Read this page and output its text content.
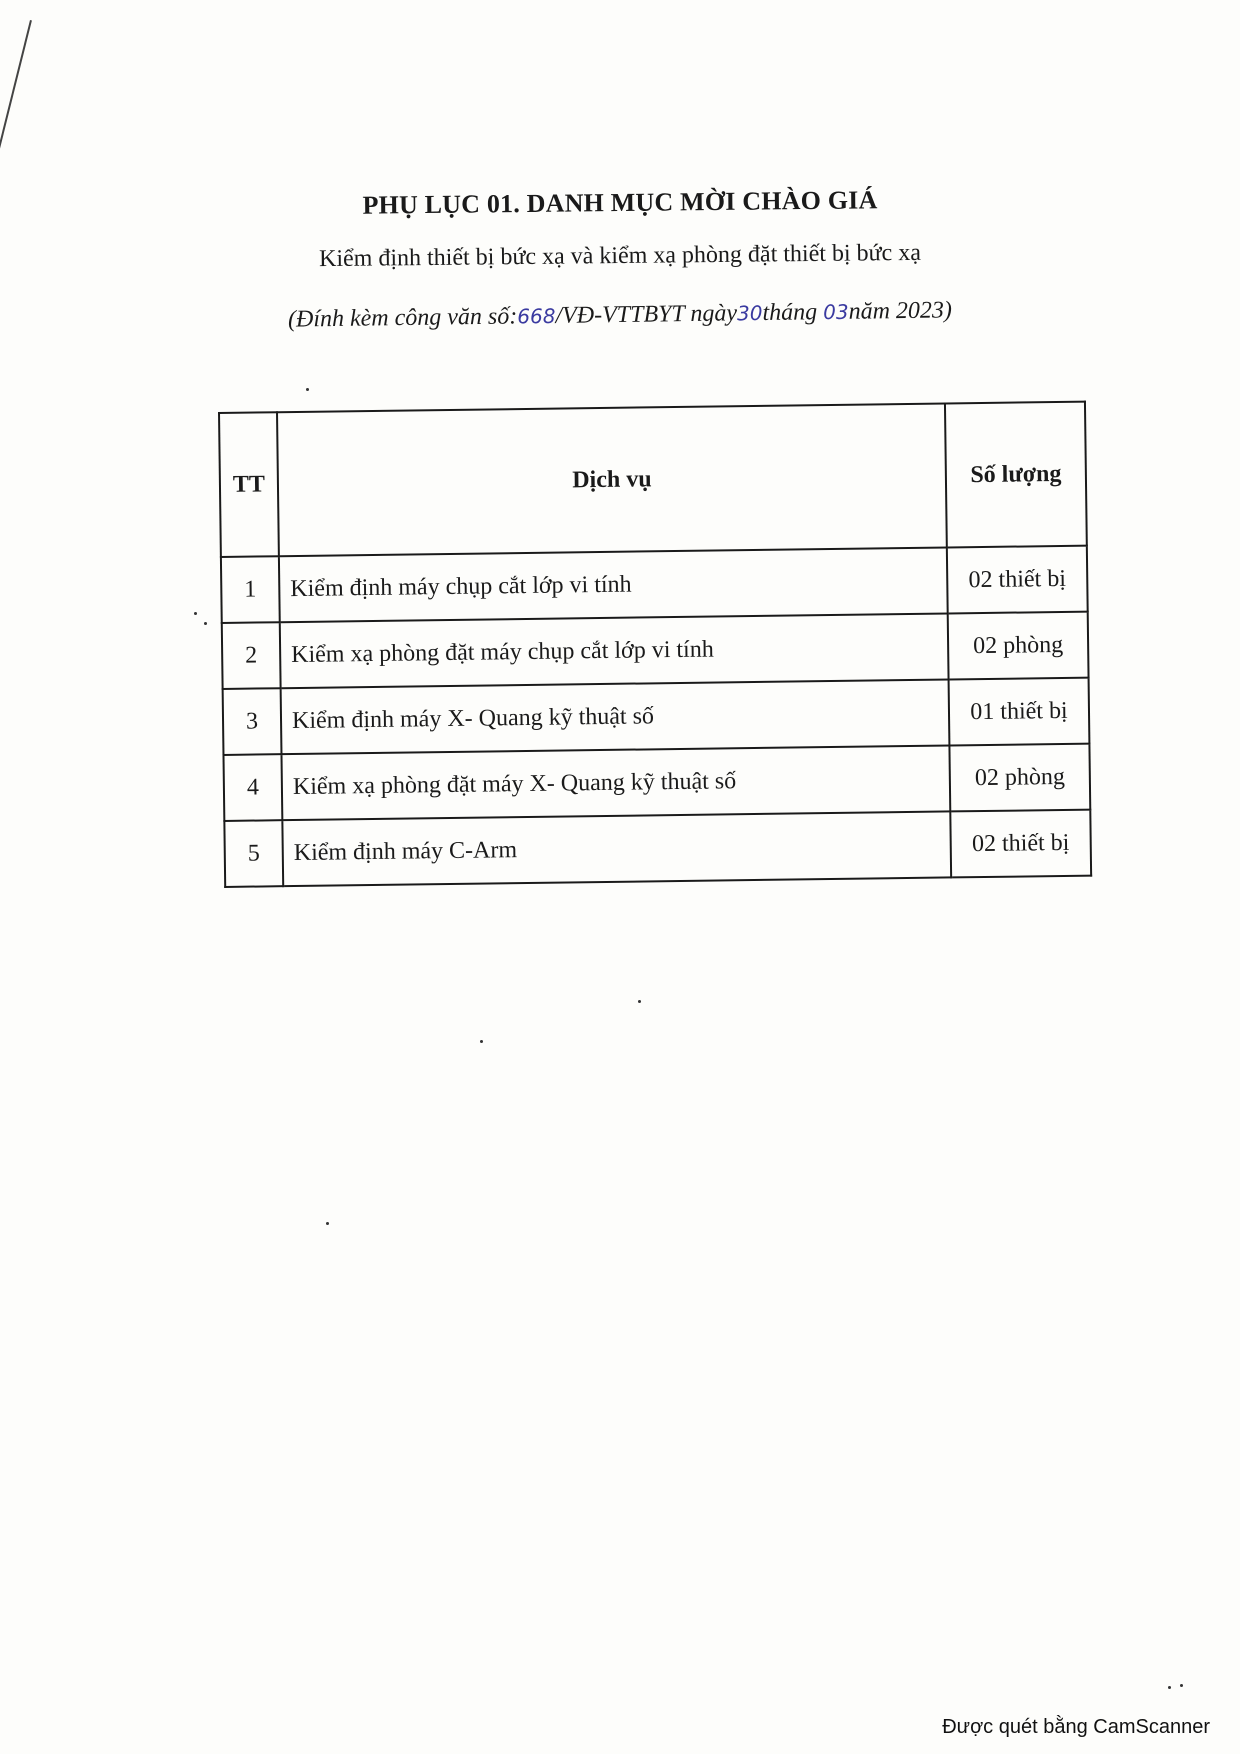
PHỤ LỤC 01. DANH MỤC MỜI CHÀO GIÁ
Kiểm định thiết bị bức xạ và kiểm xạ phòng đặt thiết bị bức xạ
(Đính kèm công văn số:668/VĐ-VTTBYT ngày30tháng 03năm 2023)
TT	Dịch vụ	Số lượng
1	Kiểm định máy chụp cắt lớp vi tính	02 thiết bị
2	Kiểm xạ phòng đặt máy chụp cắt lớp vi tính	02 phòng
3	Kiểm định máy X- Quang kỹ thuật số	01 thiết bị
4	Kiểm xạ phòng đặt máy X- Quang kỹ thuật số	02 phòng
5	Kiểm định máy C-Arm	02 thiết bị
Được quét bằng CamScanner
